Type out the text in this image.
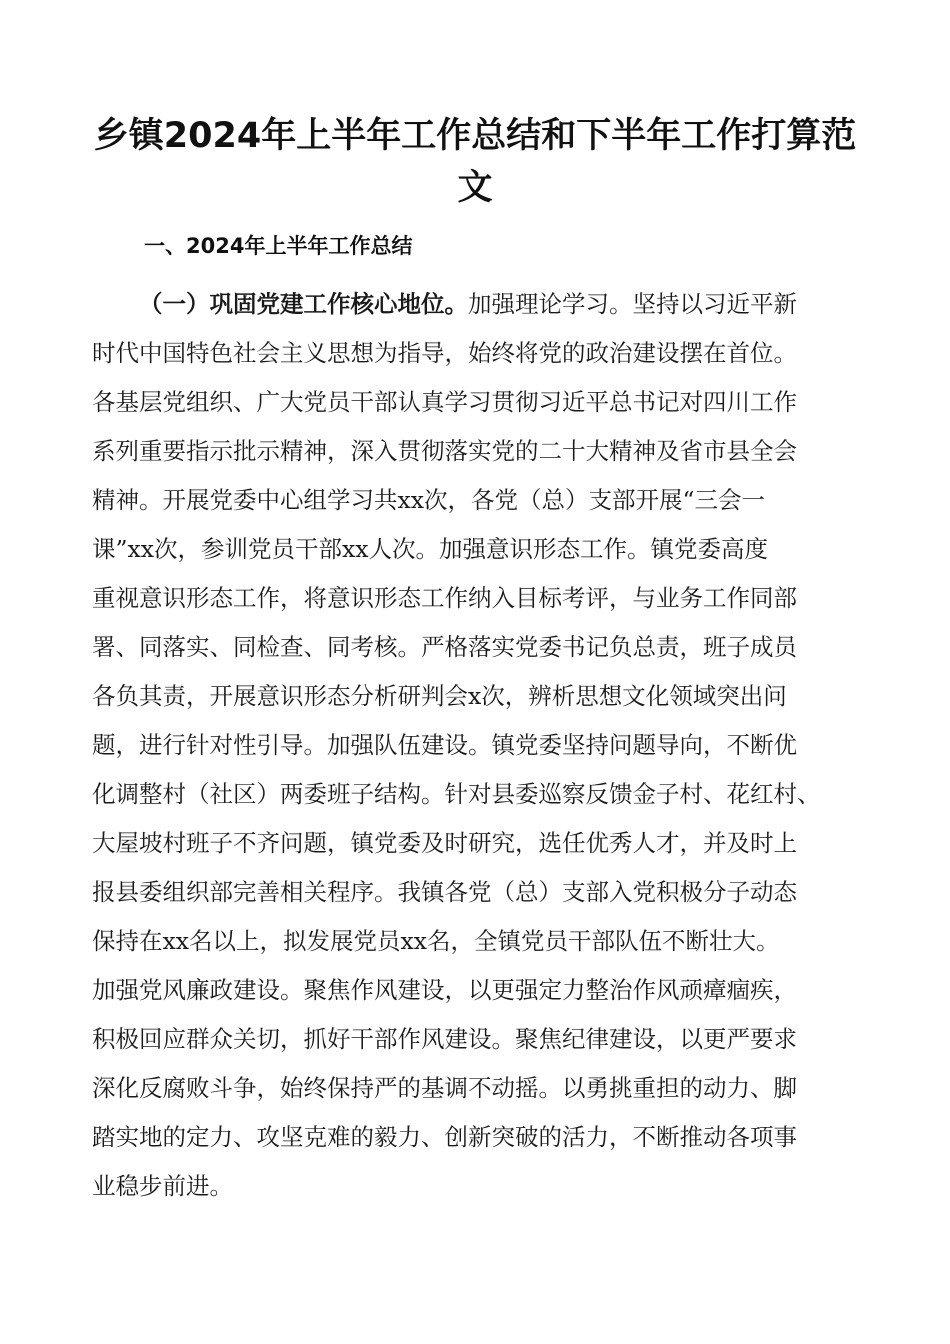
乡镇2024年上半年工作总结和下半年工作打算范文
一、2024年上半年工作总结
（一）巩固党建工作核心地位。加强理论学习。坚持以习近平新
时代中国特色社会主义思想为指导，始终将党的政治建设摆在首位。
各基层党组织、广大党员干部认真学习贯彻习近平总书记对四川工作
系列重要指示批示精神，深入贯彻落实党的二十大精神及省市县全会
精神。开展党委中心组学习共xx次，各党（总）支部开展“三会一
课”xx次，参训党员干部xx人次。加强意识形态工作。镇党委高度
重视意识形态工作，将意识形态工作纳入目标考评，与业务工作同部
署、同落实、同检查、同考核。严格落实党委书记负总责，班子成员
各负其责，开展意识形态分析研判会x次，辨析思想文化领域突出问
题，进行针对性引导。加强队伍建设。镇党委坚持问题导向，不断优
化调整村（社区）两委班子结构。针对县委巡察反馈金子村、花红村、
大屋坡村班子不齐问题，镇党委及时研究，选任优秀人才，并及时上
报县委组织部完善相关程序。我镇各党（总）支部入党积极分子动态
保持在xx名以上，拟发展党员xx名，全镇党员干部队伍不断壮大。
加强党风廉政建设。聚焦作风建设，以更强定力整治作风顽瘴痼疾，
积极回应群众关切，抓好干部作风建设。聚焦纪律建设，以更严要求
深化反腐败斗争，始终保持严的基调不动摇。以勇挑重担的动力、脚
踏实地的定力、攻坚克难的毅力、创新突破的活力，不断推动各项事
业稳步前进。
